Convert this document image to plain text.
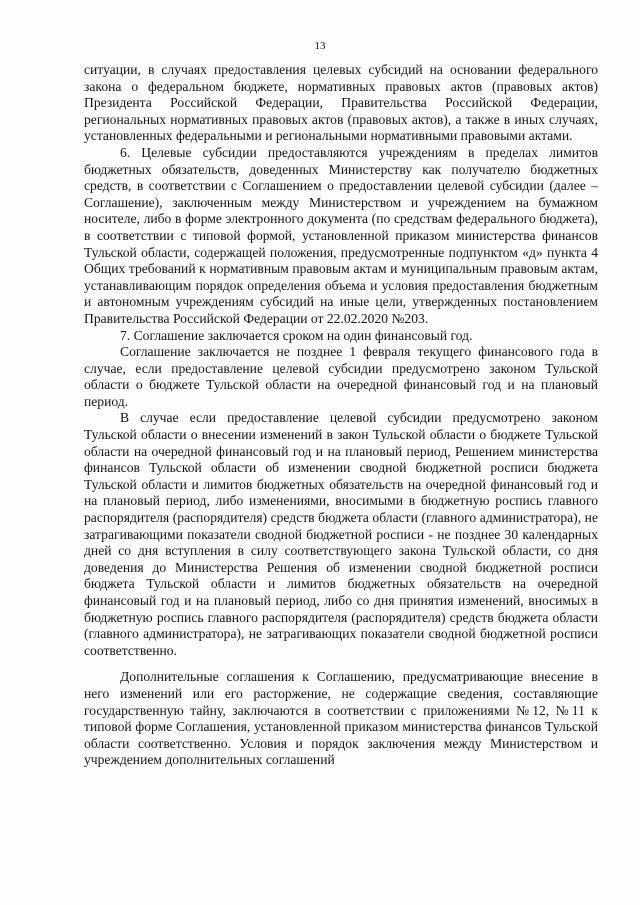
13

ситуации, в случаях предоставления целевых субсидий на основании федерального закона о федеральном бюджете, нормативных правовых актов (правовых актов) Президента Российской Федерации, Правительства Российской Федерации, региональных нормативных правовых актов (правовых актов), а также в иных случаях, установленных федеральными и региональными нормативными правовыми актами.

6. Целевые субсидии предоставляются учреждениям в пределах лимитов бюджетных обязательств, доведенных Министерству как получателю бюджетных средств, в соответствии с Соглашением о предоставлении целевой субсидии (далее – Соглашение), заключенным между Министерством и учреждением на бумажном носителе, либо в форме электронного документа (по средствам федерального бюджета), в соответствии с типовой формой, установленной приказом министерства финансов Тульской области, содержащей положения, предусмотренные подпунктом «д» пункта 4 Общих требований к нормативным правовым актам и муниципальным правовым актам, устанавливающим порядок определения объема и условия предоставления бюджетным и автономным учреждениям субсидий на иные цели, утвержденных постановлением Правительства Российской Федерации от 22.02.2020 №203.

7. Соглашение заключается сроком на один финансовый год.

Соглашение заключается не позднее 1 февраля текущего финансового года в случае, если предоставление целевой субсидии предусмотрено законом Тульской области о бюджете Тульской области на очередной финансовый год и на плановый период.

В случае если предоставление целевой субсидии предусмотрено законом Тульской области о внесении изменений в закон Тульской области о бюджете Тульской области на очередной финансовый год и на плановый период, Решением министерства финансов Тульской области об изменении сводной бюджетной росписи бюджета Тульской области и лимитов бюджетных обязательств на очередной финансовый год и на плановый период, либо изменениями, вносимыми в бюджетную роспись главного распорядителя (распорядителя) средств бюджета области (главного администратора), не затрагивающими показатели сводной бюджетной росписи - не позднее 30 календарных дней со дня вступления в силу соответствующего закона Тульской области, со дня доведения до Министерства Решения об изменении сводной бюджетной росписи бюджета Тульской области и лимитов бюджетных обязательств на очередной финансовый год и на плановый период, либо со дня принятия изменений, вносимых в бюджетную роспись главного распорядителя (распорядителя) средств бюджета области (главного администратора), не затрагивающих показатели сводной бюджетной росписи соответственно.

Дополнительные соглашения к Соглашению, предусматривающие внесение в него изменений или его расторжение, не содержащие сведения, составляющие государственную тайну, заключаются в соответствии с приложениями №12, №11 к типовой форме Соглашения, установленной приказом министерства финансов Тульской области соответственно. Условия и порядок заключения между Министерством и учреждением дополнительных соглашений
